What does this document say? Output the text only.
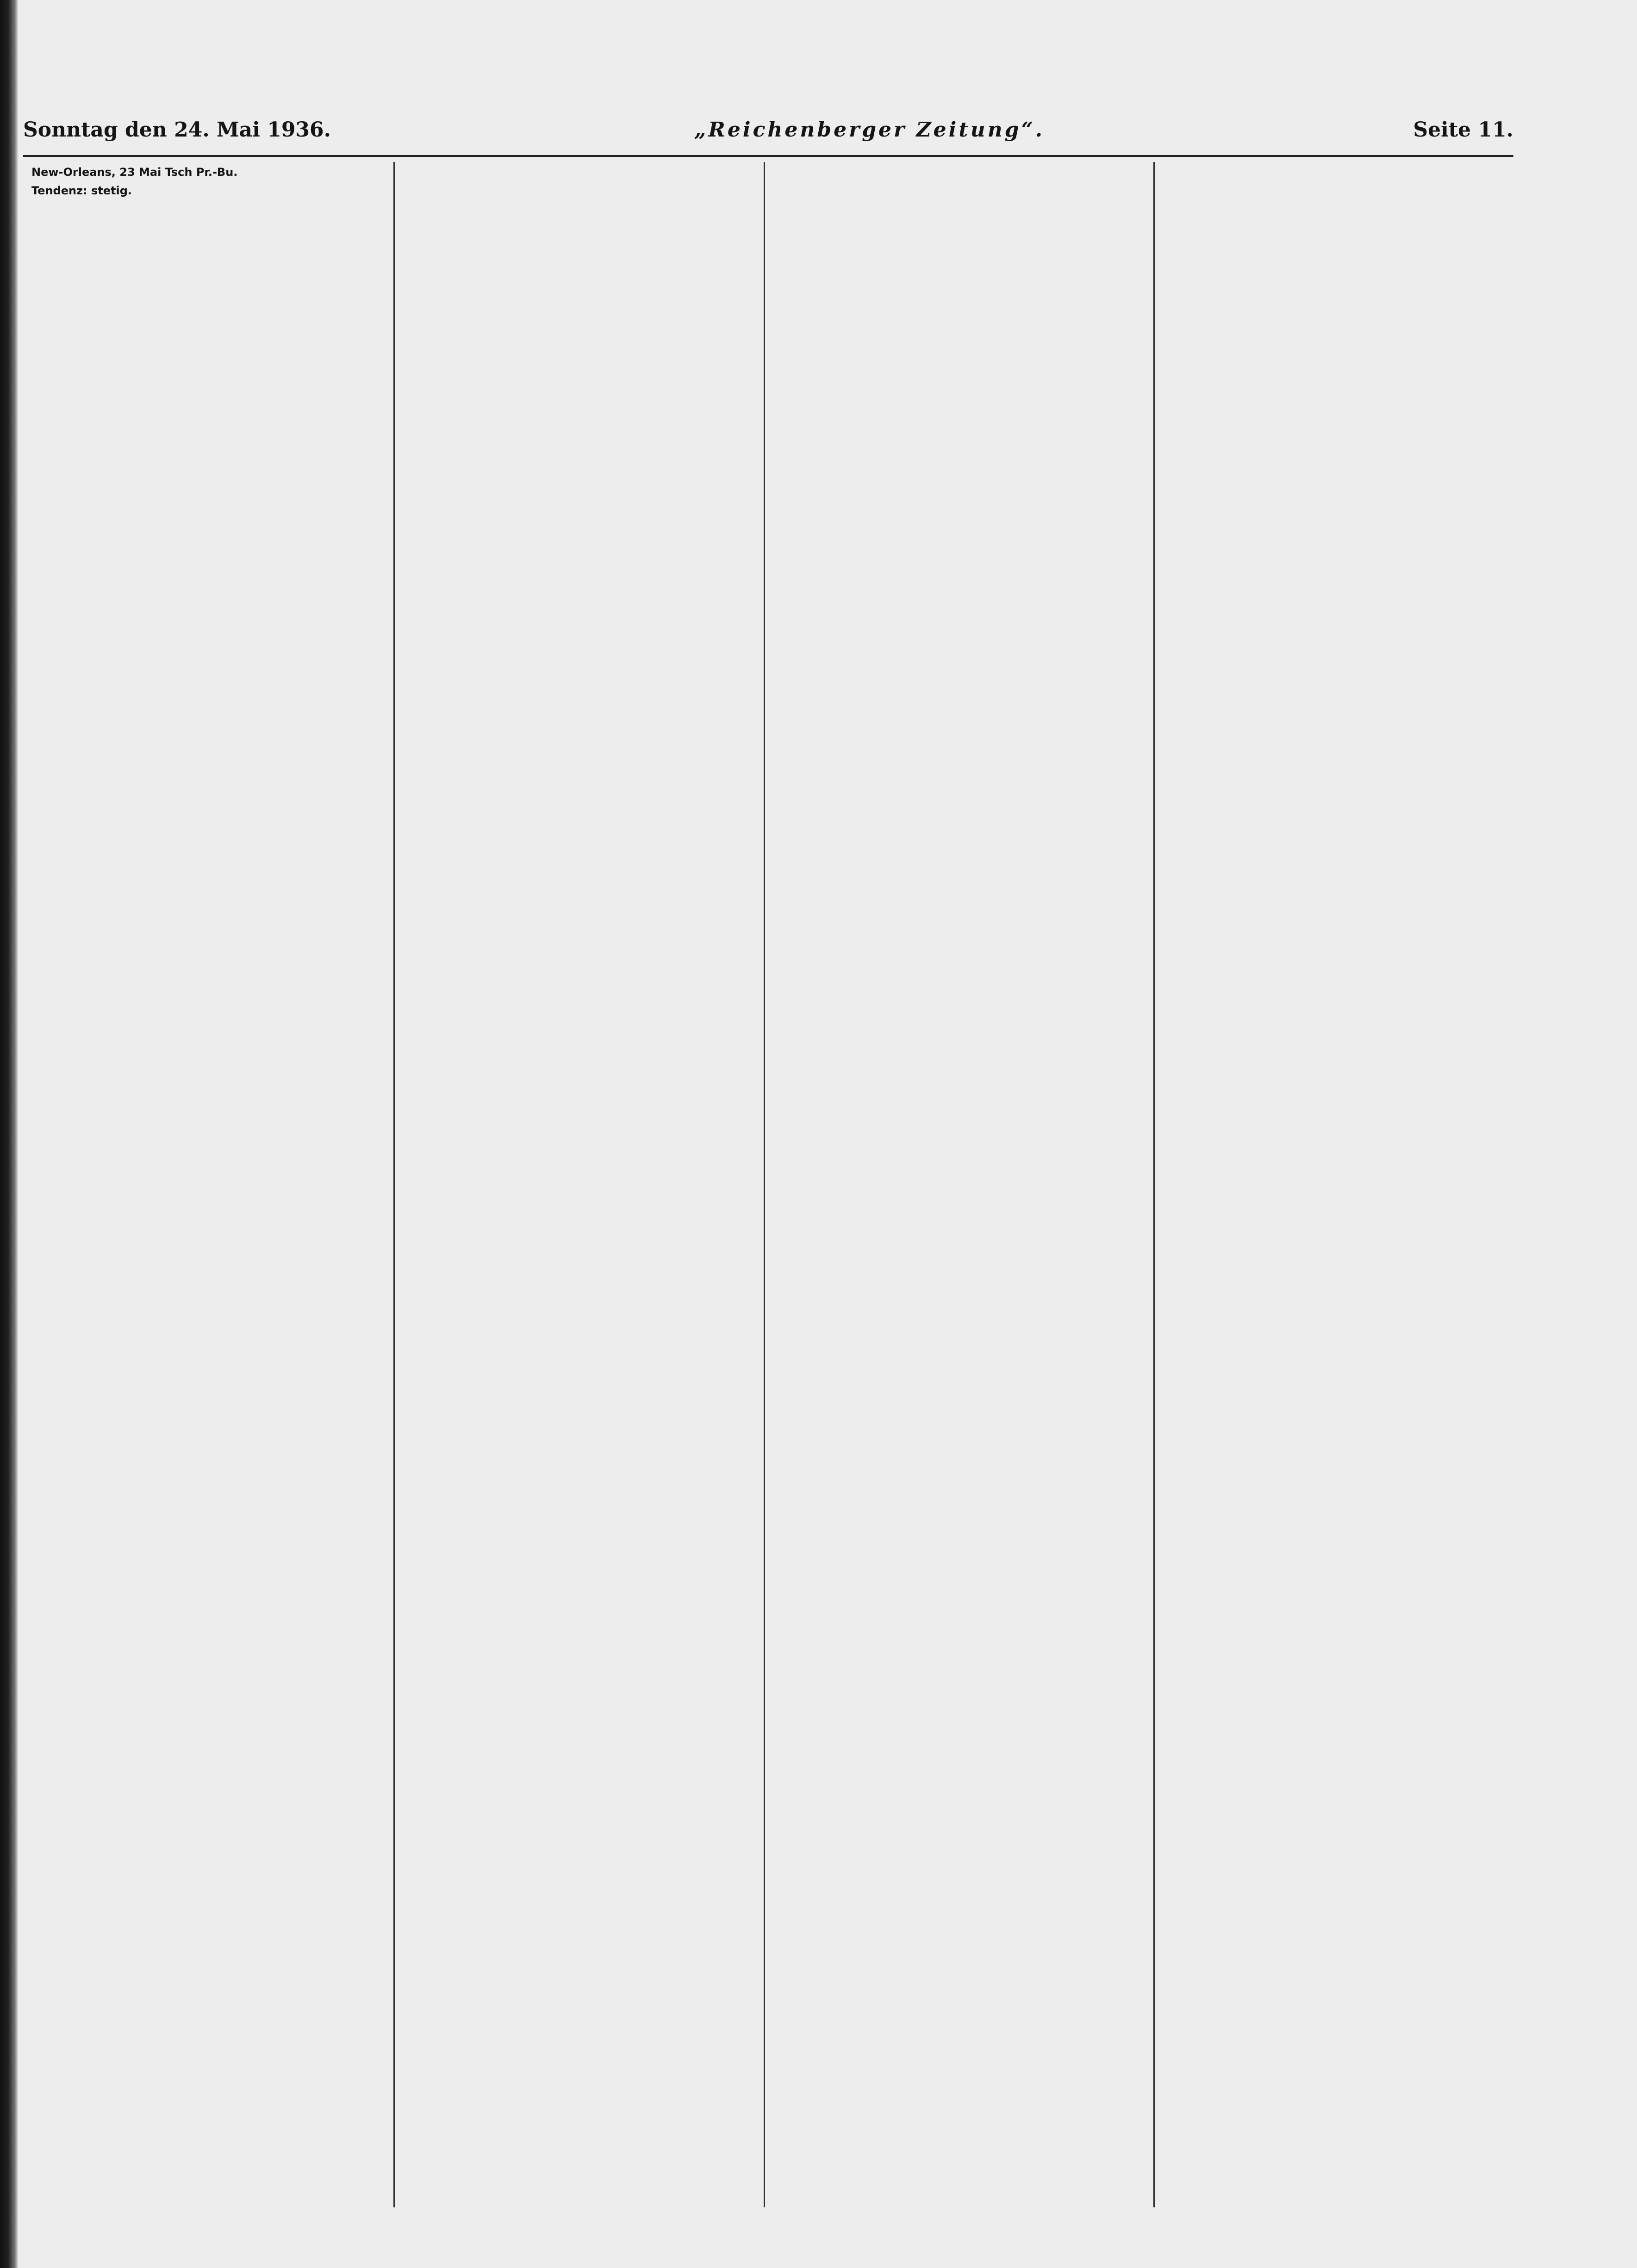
Sonntag den 24. Mai 1936.	„Reichenberger Zeitung“.	Seite 11.
New-Orleans, 23 Mai Tsch Pr.-Bu.
Tendenz: stetig.
